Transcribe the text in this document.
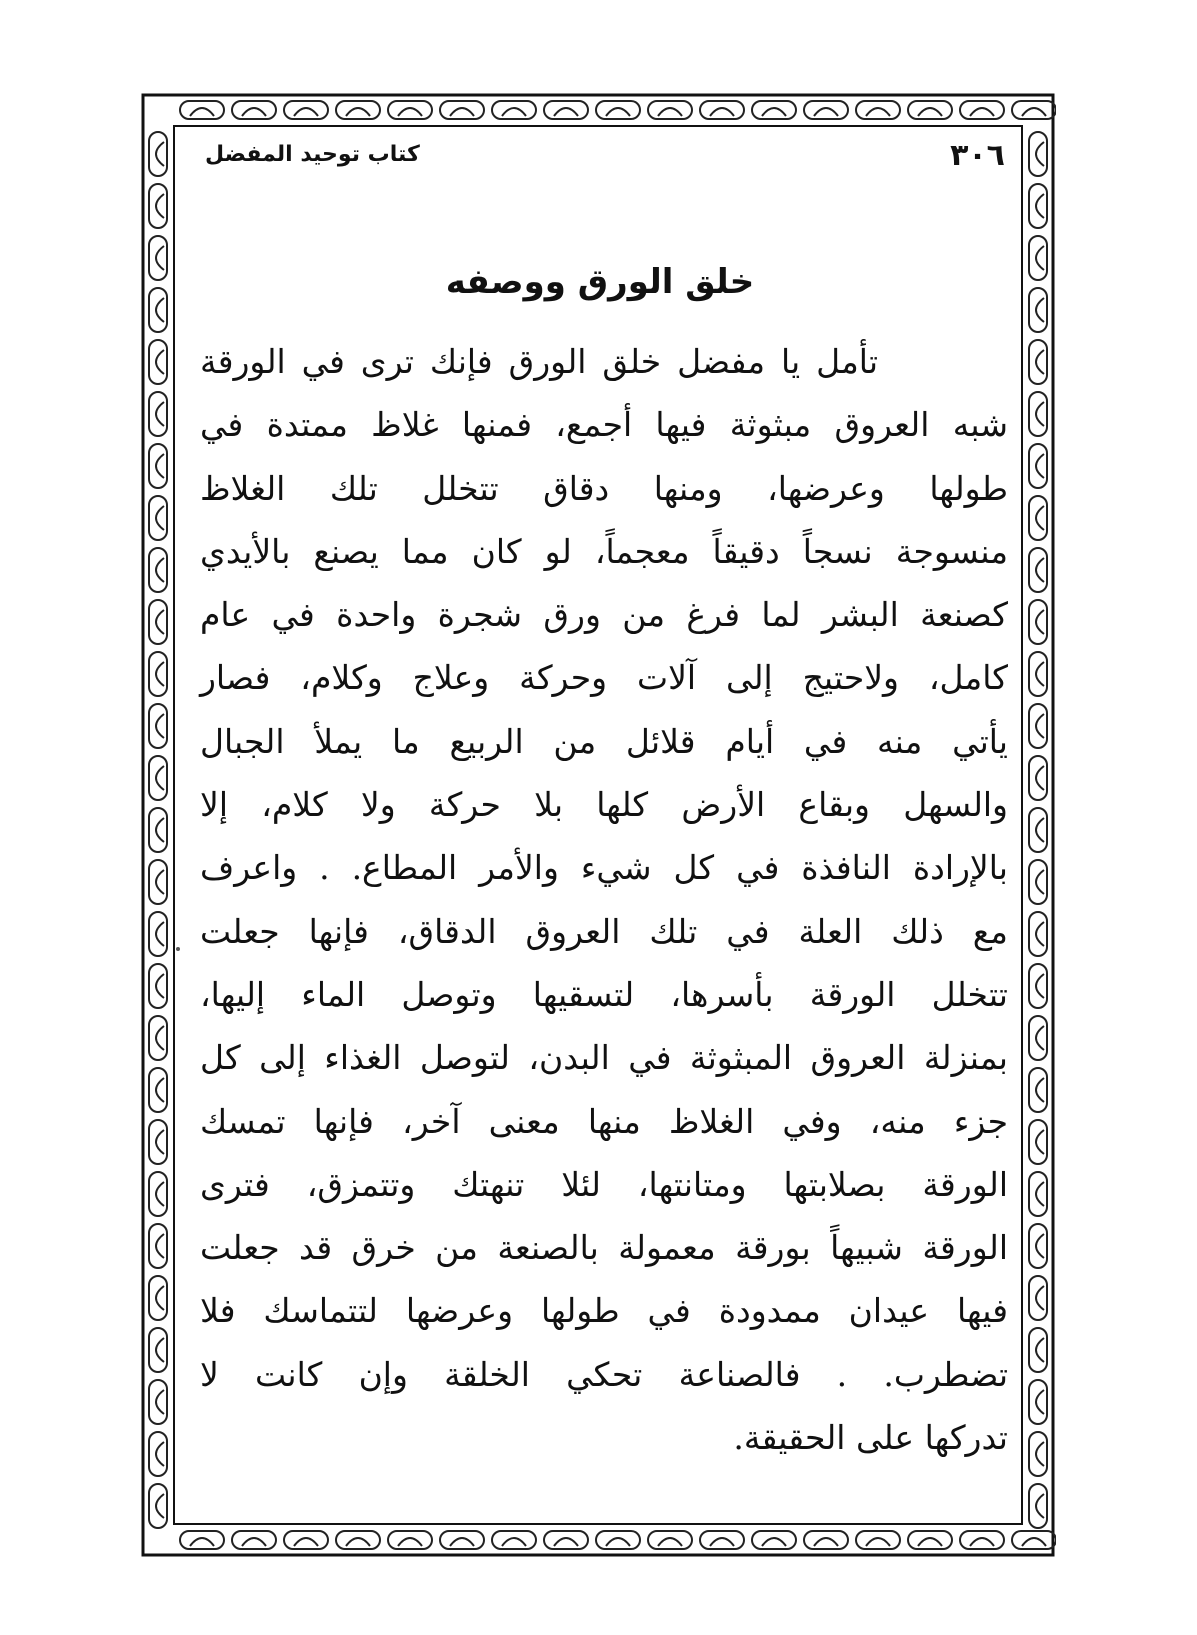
٣٠٦
كتاب توحيد المفضل
خلق الورق ووصفه
تأمل يا مفضل خلق الورق فإنك ترى في الورقة
شبه العروق مبثوثة فيها أجمع، فمنها غلاظ ممتدة في
طولها وعرضها، ومنها دقاق تتخلل تلك الغلاظ
منسوجة نسجاً دقيقاً معجماً، لو كان مما يصنع بالأيدي
كصنعة البشر لما فرغ من ورق شجرة واحدة في عام
كامل، ولاحتيج إلى آلات وحركة وعلاج وكلام، فصار
يأتي منه في أيام قلائل من الربيع ما يملأ الجبال
والسهل وبقاع الأرض كلها بلا حركة ولا كلام، إلا
بالإرادة النافذة في كل شيء والأمر المطاع. . واعرف
مع ذلك العلة في تلك العروق الدقاق، فإنها جعلت
تتخلل الورقة بأسرها، لتسقيها وتوصل الماء إليها،
بمنزلة العروق المبثوثة في البدن، لتوصل الغذاء إلى كل
جزء منه، وفي الغلاظ منها معنى آخر، فإنها تمسك
الورقة بصلابتها ومتانتها، لئلا تنهتك وتتمزق، فترى
الورقة شبيهاً بورقة معمولة بالصنعة من خرق قد جعلت
فيها عيدان ممدودة في طولها وعرضها لتتماسك فلا
تضطرب. . فالصناعة تحكي الخلقة وإن كانت لا
تدركها على الحقيقة.
